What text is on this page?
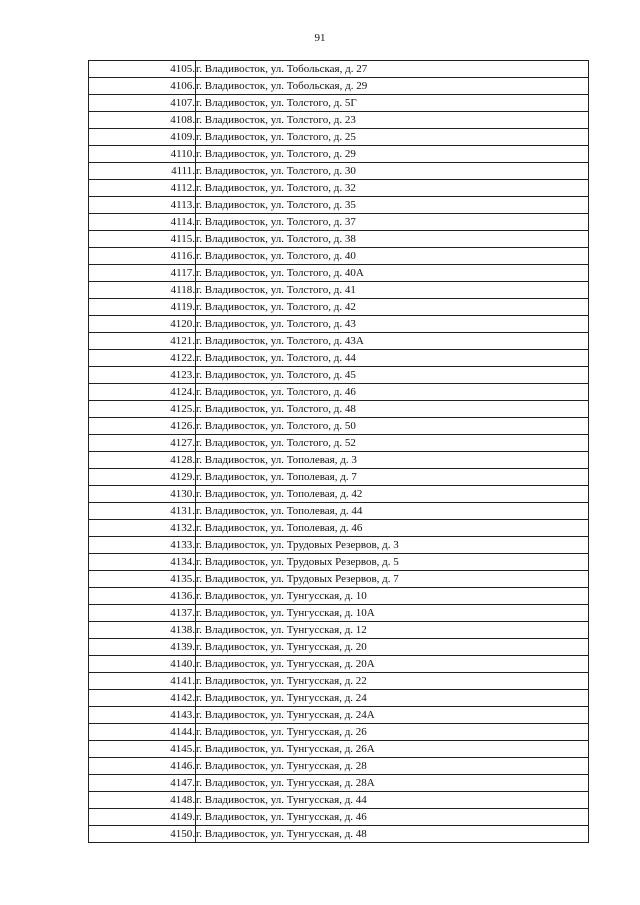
91
4105.	г. Владивосток, ул. Тобольская, д. 27
4106.	г. Владивосток, ул. Тобольская, д. 29
4107.	г. Владивосток, ул. Толстого, д. 5Г
4108.	г. Владивосток, ул. Толстого, д. 23
4109.	г. Владивосток, ул. Толстого, д. 25
4110.	г. Владивосток, ул. Толстого, д. 29
4111.	г. Владивосток, ул. Толстого, д. 30
4112.	г. Владивосток, ул. Толстого, д. 32
4113.	г. Владивосток, ул. Толстого, д. 35
4114.	г. Владивосток, ул. Толстого, д. 37
4115.	г. Владивосток, ул. Толстого, д. 38
4116.	г. Владивосток, ул. Толстого, д. 40
4117.	г. Владивосток, ул. Толстого, д. 40А
4118.	г. Владивосток, ул. Толстого, д. 41
4119.	г. Владивосток, ул. Толстого, д. 42
4120.	г. Владивосток, ул. Толстого, д. 43
4121.	г. Владивосток, ул. Толстого, д. 43А
4122.	г. Владивосток, ул. Толстого, д. 44
4123.	г. Владивосток, ул. Толстого, д. 45
4124.	г. Владивосток, ул. Толстого, д. 46
4125.	г. Владивосток, ул. Толстого, д. 48
4126.	г. Владивосток, ул. Толстого, д. 50
4127.	г. Владивосток, ул. Толстого, д. 52
4128.	г. Владивосток, ул. Тополевая, д. 3
4129.	г. Владивосток, ул. Тополевая, д. 7
4130.	г. Владивосток, ул. Тополевая, д. 42
4131.	г. Владивосток, ул. Тополевая, д. 44
4132.	г. Владивосток, ул. Тополевая, д. 46
4133.	г. Владивосток, ул. Трудовых Резервов, д. 3
4134.	г. Владивосток, ул. Трудовых Резервов, д. 5
4135.	г. Владивосток, ул. Трудовых Резервов, д. 7
4136.	г. Владивосток, ул. Тунгусская, д. 10
4137.	г. Владивосток, ул. Тунгусская, д. 10А
4138.	г. Владивосток, ул. Тунгусская, д. 12
4139.	г. Владивосток, ул. Тунгусская, д. 20
4140.	г. Владивосток, ул. Тунгусская, д. 20А
4141.	г. Владивосток, ул. Тунгусская, д. 22
4142.	г. Владивосток, ул. Тунгусская, д. 24
4143.	г. Владивосток, ул. Тунгусская, д. 24А
4144.	г. Владивосток, ул. Тунгусская, д. 26
4145.	г. Владивосток, ул. Тунгусская, д. 26А
4146.	г. Владивосток, ул. Тунгусская, д. 28
4147.	г. Владивосток, ул. Тунгусская, д. 28А
4148.	г. Владивосток, ул. Тунгусская, д. 44
4149.	г. Владивосток, ул. Тунгусская, д. 46
4150.	г. Владивосток, ул. Тунгусская, д. 48
